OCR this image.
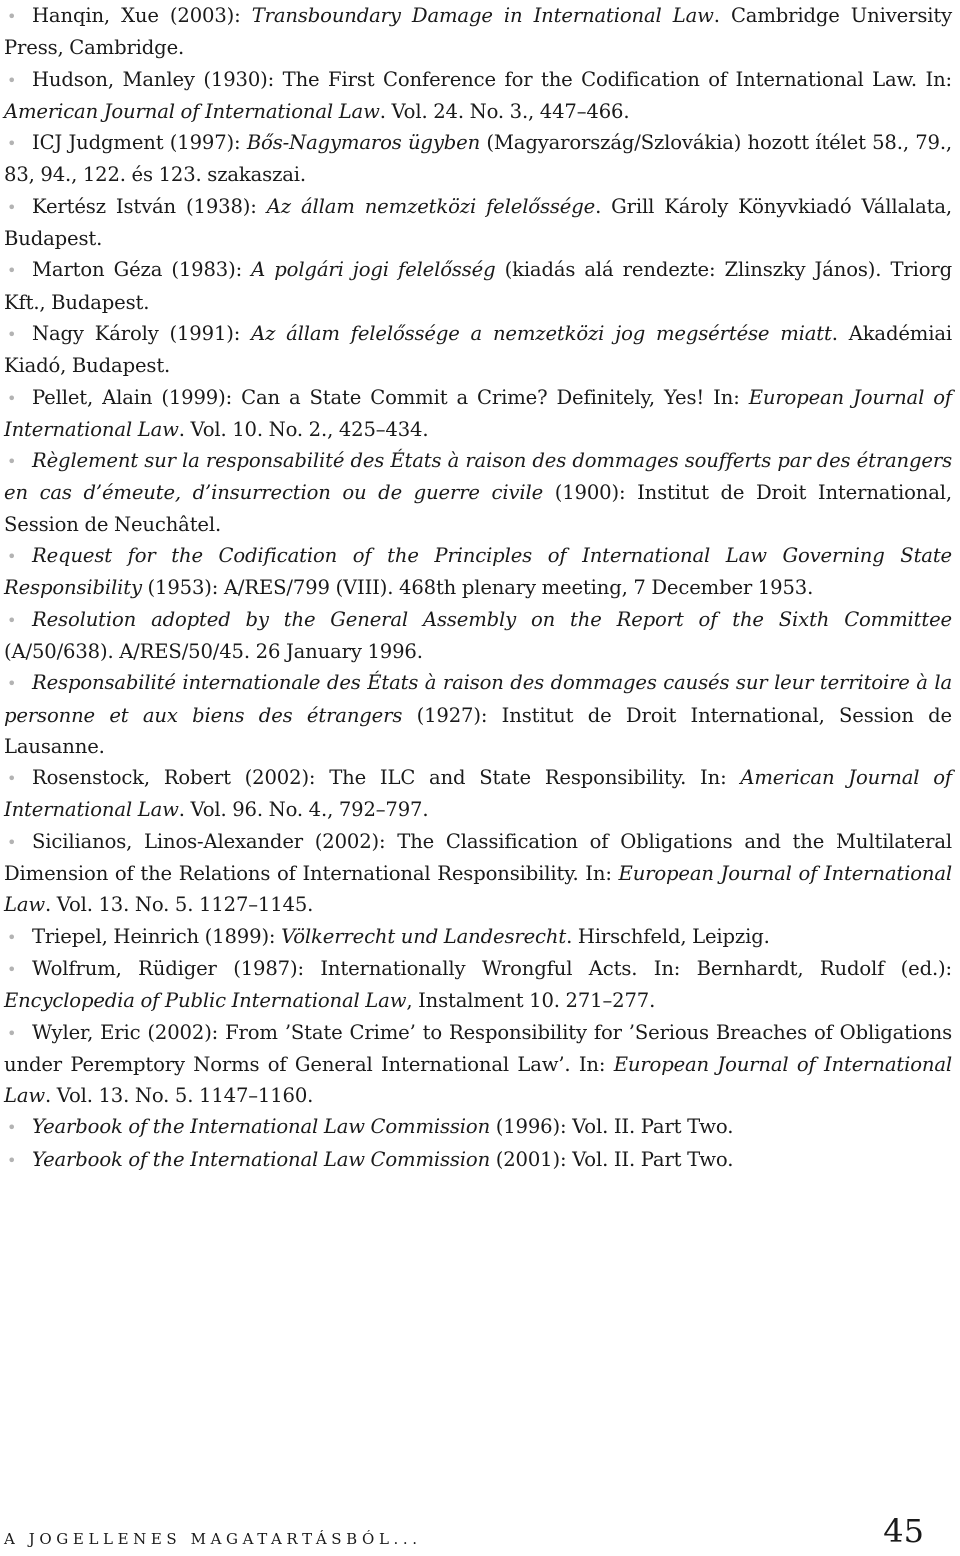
• Hanqin, Xue (2003): Transboundary Damage in International Law. Cambridge University Press, Cambridge.
• Hudson, Manley (1930): The First Conference for the Codification of International Law. In: American Journal of International Law. Vol. 24. No. 3., 447–466.
• ICJ Judgment (1997): Bős-Nagymaros ügyben (Magyarország/Szlovákia) hozott ítélet 58., 79., 83, 94., 122. és 123. szakaszai.
• Kertész István (1938): Az állam nemzetközi felelőssége. Grill Károly Könyvkiadó Vállalata, Budapest.
• Marton Géza (1983): A polgári jogi felelősség (kiadás alá rendezte: Zlinszky János). Triorg Kft., Budapest.
• Nagy Károly (1991): Az állam felelőssége a nemzetközi jog megsértése miatt. Akadémiai Kiadó, Budapest.
• Pellet, Alain (1999): Can a State Commit a Crime? Definitely, Yes! In: European Journal of International Law. Vol. 10. No. 2., 425–434.
• Règlement sur la responsabilité des États à raison des dommages soufferts par des étrangers en cas d’émeute, d’insurrection ou de guerre civile (1900): Institut de Droit International, Session de Neuchâtel.
• Request for the Codification of the Principles of International Law Governing State Responsibility (1953): A/RES/799 (VIII). 468th plenary meeting, 7 December 1953.
• Resolution adopted by the General Assembly on the Report of the Sixth Committee (A/50/638). A/RES/50/45. 26 January 1996.
• Responsabilité internationale des États à raison des dommages causés sur leur territoire à la personne et aux biens des étrangers (1927): Institut de Droit International, Session de Lausanne.
• Rosenstock, Robert (2002): The ILC and State Responsibility. In: American Journal of International Law. Vol. 96. No. 4., 792–797.
• Sicilianos, Linos-Alexander (2002): The Classification of Obligations and the Multilateral Dimension of the Relations of International Responsibility. In: European Journal of International Law. Vol. 13. No. 5. 1127–1145.
• Triepel, Heinrich (1899): Völkerrecht und Landesrecht. Hirschfeld, Leipzig.
• Wolfrum, Rüdiger (1987): Internationally Wrongful Acts. In: Bernhardt, Rudolf (ed.): Encyclopedia of Public International Law, Instalment 10. 271–277.
• Wyler, Eric (2002): From ’State Crime’ to Responsibility for ’Serious Breaches of Obligations under Peremptory Norms of General International Law’. In: European Journal of International Law. Vol. 13. No. 5. 1147–1160.
• Yearbook of the International Law Commission (1996): Vol. II. Part Two.
• Yearbook of the International Law Commission (2001): Vol. II. Part Two.
A JOGELLENES MAGATARTÁSBÓL...	45
